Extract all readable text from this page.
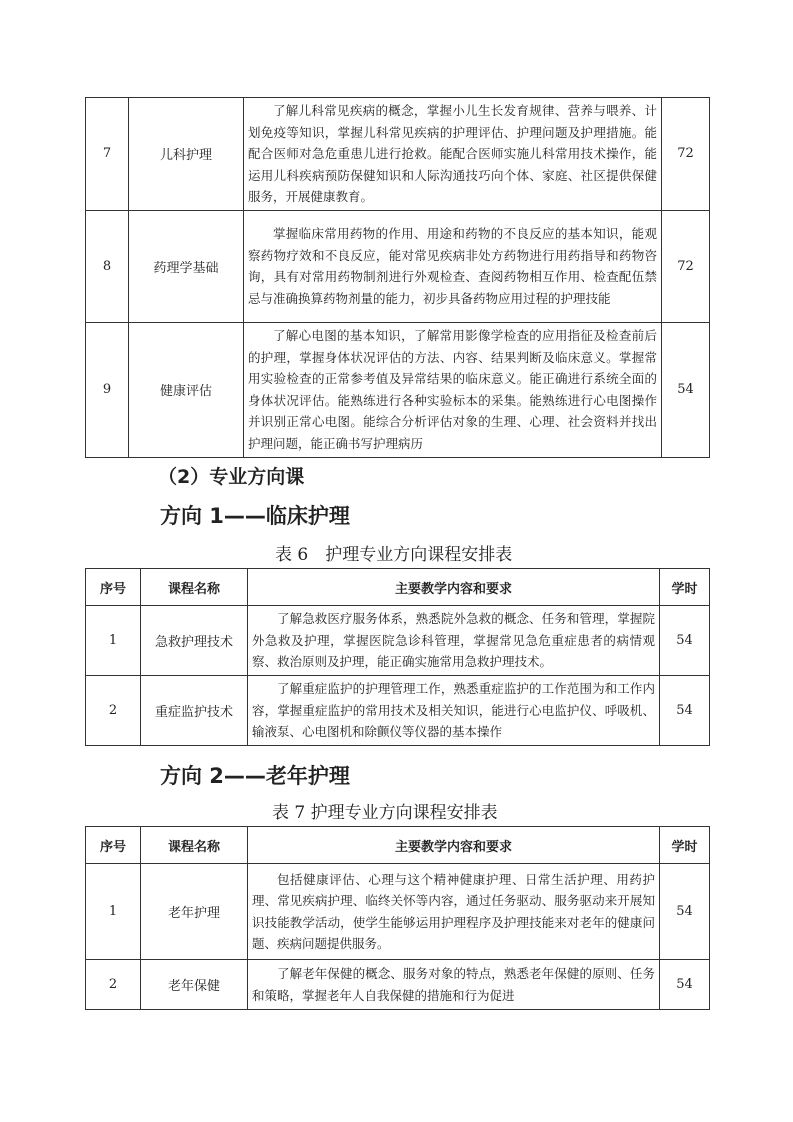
7	儿科护理	了解儿科常见疾病的概念，掌握小儿生长发育规律、营养与喂养、计划免疫等知识，掌握儿科常见疾病的护理评估、护理问题及护理措施。能配合医师对急危重患儿进行抢救。能配合医师实施儿科常用技术操作，能运用儿科疾病预防保健知识和人际沟通技巧向个体、家庭、社区提供保健服务，开展健康教育。	72
8	药理学基础	掌握临床常用药物的作用、用途和药物的不良反应的基本知识，能观察药物疗效和不良反应，能对常见疾病非处方药物进行用药指导和药物咨询，具有对常用药物制剂进行外观检查、查阅药物相互作用、检查配伍禁忌与准确换算药物剂量的能力，初步具备药物应用过程的护理技能	72
9	健康评估	了解心电图的基本知识，了解常用影像学检查的应用指征及检查前后的护理，掌握身体状况评估的方法、内容、结果判断及临床意义。掌握常用实验检查的正常参考值及异常结果的临床意义。能正确进行系统全面的身体状况评估。能熟练进行各种实验标本的采集。能熟练进行心电图操作并识别正常心电图。能综合分析评估对象的生理、心理、社会资料并找出护理问题，能正确书写护理病历	54
（2）专业方向课
方向 1——临床护理
表 6　护理专业方向课程安排表
序号	课程名称	主要教学内容和要求	学时
1	急救护理技术	了解急救医疗服务体系，熟悉院外急救的概念、任务和管理，掌握院外急救及护理，掌握医院急诊科管理，掌握常见急危重症患者的病情观察、救治原则及护理，能正确实施常用急救护理技术。	54
2	重症监护技术	了解重症监护的护理管理工作，熟悉重症监护的工作范围为和工作内容，掌握重症监护的常用技术及相关知识，能进行心电监护仪、呼吸机、输液泵、心电图机和除颤仪等仪器的基本操作	54
方向 2——老年护理
表 7 护理专业方向课程安排表
序号	课程名称	主要教学内容和要求	学时
1	老年护理	包括健康评估、心理与这个精神健康护理、日常生活护理、用药护理、常见疾病护理、临终关怀等内容，通过任务驱动、服务驱动来开展知识技能教学活动，使学生能够运用护理程序及护理技能来对老年的健康问题、疾病问题提供服务。	54
2	老年保健	了解老年保健的概念、服务对象的特点，熟悉老年保健的原则、任务和策略，掌握老年人自我保健的措施和行为促进	54
